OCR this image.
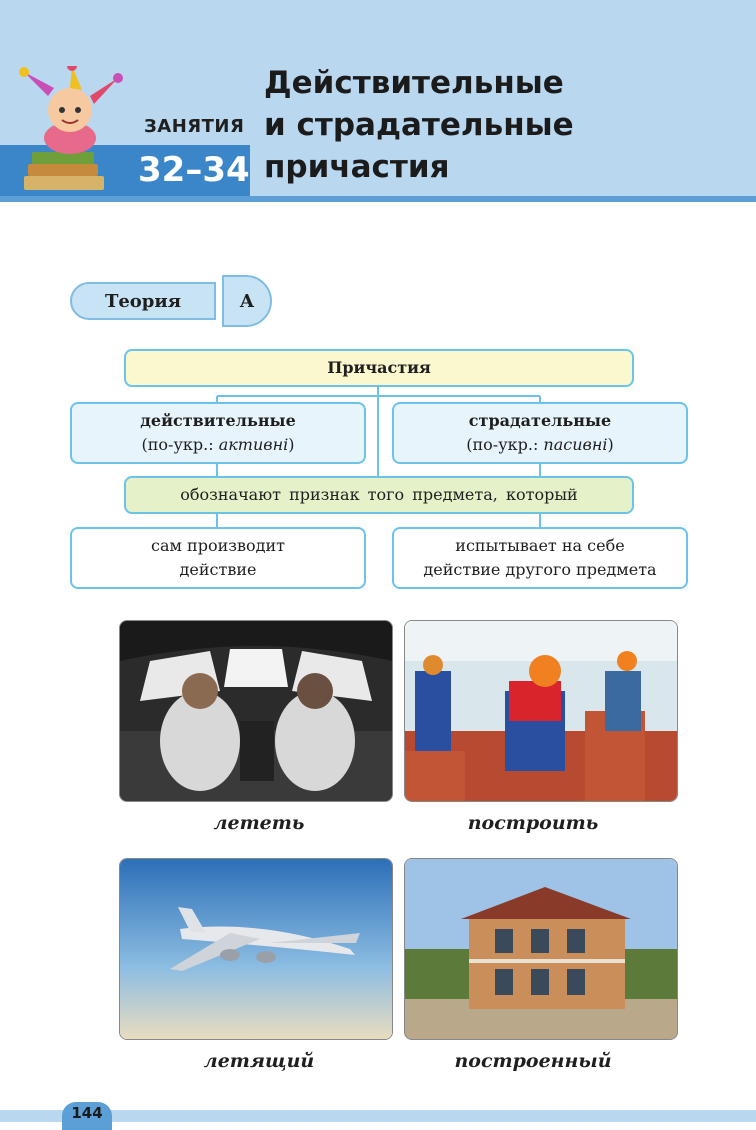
ЗАНЯТИЯ
32–34
Действительные
и страдательные
причастия
Теория	А
Причастия
действительные
(по-укр.: активні)
страдательные
(по-укр.: пасивні)
обозначают признак того предмета, который
сам производит
действие
испытывает на себе
действие другого предмета
лететь	построить
летящий	построенный
144
